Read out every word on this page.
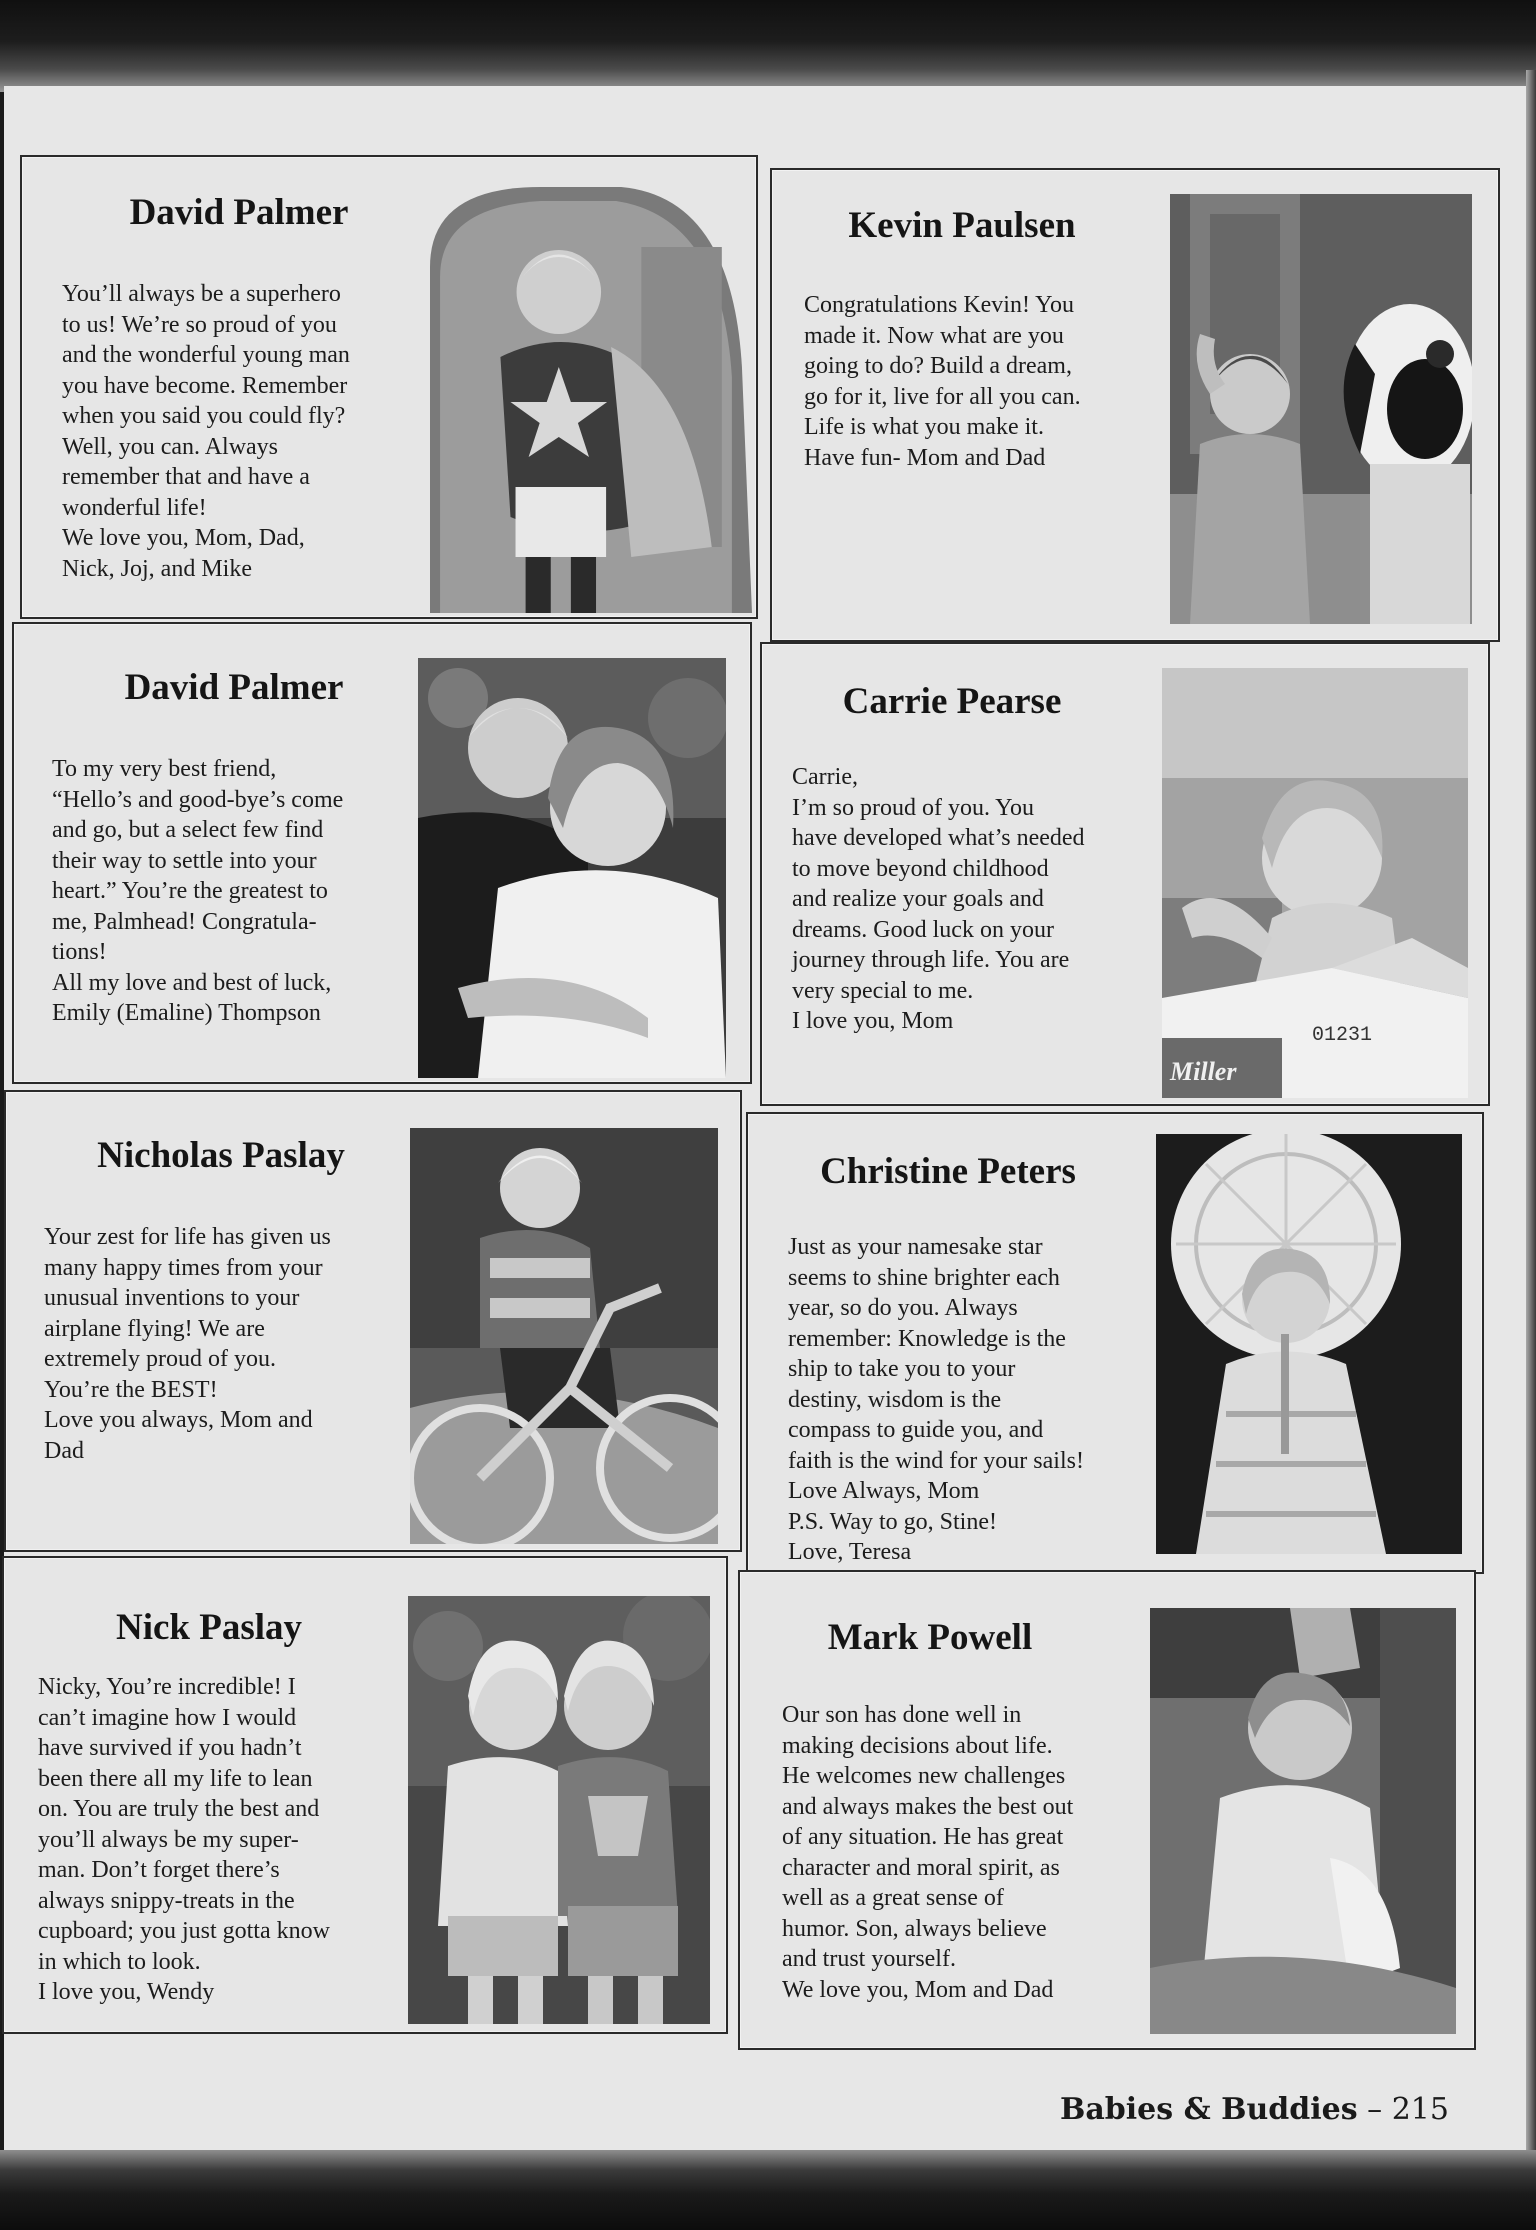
David Palmer
You’ll always be a superhero
to us! We’re so proud of you
and the wonderful young man
you have become. Remember
when you said you could fly?
Well, you can. Always
remember that and have a
wonderful life!
We love you, Mom, Dad,
Nick, Joj, and Mike
Kevin Paulsen
Congratulations Kevin! You
made it. Now what are you
going to do? Build a dream,
go for it, live for all you can.
Life is what you make it.
Have fun- Mom and Dad
David Palmer
To my very best friend,
“Hello’s and good-bye’s come
and go, but a select few find
their way to settle into your
heart.” You’re the greatest to
me, Palmhead! Congratula-
tions!
All my love and best of luck,
Emily (Emaline) Thompson
Carrie Pearse
Carrie,
I’m so proud of you. You
have developed what’s needed
to move beyond childhood
and realize your goals and
dreams. Good luck on your
journey through life. You are
very special to me.
I love you, Mom
01231
Miller
Nicholas Paslay
Your zest for life has given us
many happy times from your
unusual inventions to your
airplane flying! We are
extremely proud of you.
You’re the BEST!
Love you always, Mom and
Dad
Christine Peters
Just as your namesake star
seems to shine brighter each
year, so do you. Always
remember: Knowledge is the
ship to take you to your
destiny, wisdom is the
compass to guide you, and
faith is the wind for your sails!
Love Always, Mom
P.S. Way to go, Stine!
Love, Teresa
Nick Paslay
Nicky, You’re incredible! I
can’t imagine how I would
have survived if you hadn’t
been there all my life to lean
on. You are truly the best and
you’ll always be my super-
man. Don’t forget there’s
always snippy-treats in the
cupboard; you just gotta know
in which to look.
I love you, Wendy
Mark Powell
Our son has done well in
making decisions about life.
He welcomes new challenges
and always makes the best out
of any situation. He has great
character and moral spirit, as
well as a great sense of
humor. Son, always believe
and trust yourself.
We love you, Mom and Dad
Babies & Buddies – 215
